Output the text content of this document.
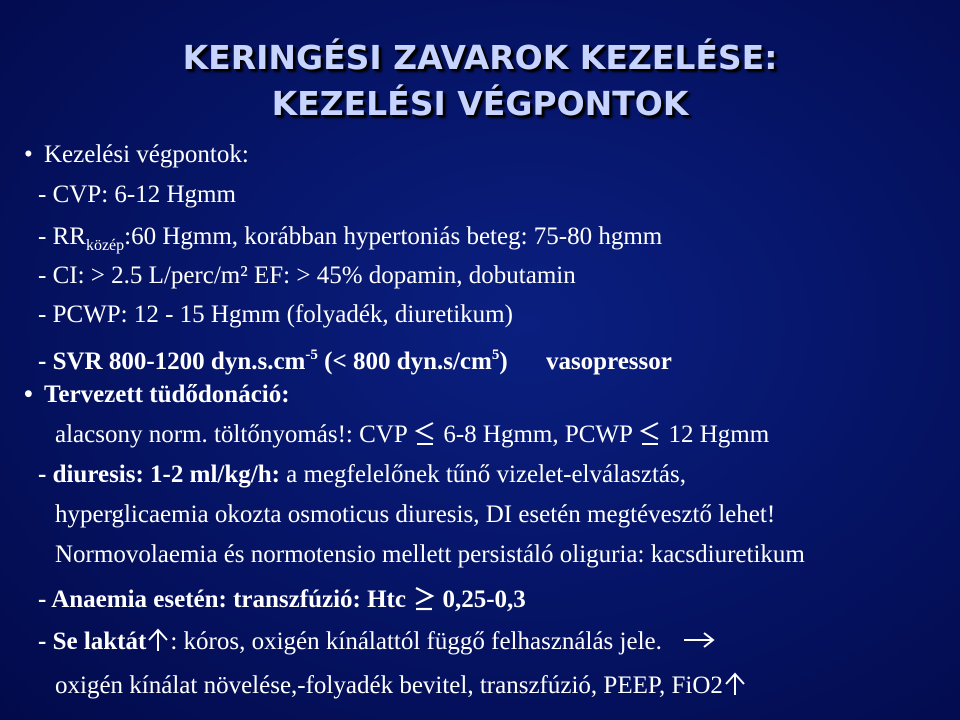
KERINGÉSI ZAVAROK KEZELÉSE:
KEZELÉSI VÉGPONTOK
• Kezelési végpontok:
- CVP: 6-12 Hgmm
- $RR_{közép}:60$ Hgmm, korábban hypertoniás beteg: 75-80 hgmm
- CI: > 2.5 L/perc/m² EF: > 45% dopamin, dobutamin
- PCWP: 12 - 15 Hgmm (folyadék, diuretikum)
- SVR 800-1200 $dyn.s.cm^{-5}$ (< 800 $dyn.s/cm^5$) vasopressor
• Tervezett tüdődonáció:
alacsony norm. töltőnyomás!: CVP 6-8 Hgmm, PCWP 12 Hgmm
- diuresis: 1-2 ml/kg/h: a megfelelőnek tűnő vizelet-elválasztás,
hyperglicaemia okozta osmoticus diuresis, DI esetén megtévesztő lehet!
Normovolaemia és normotensio mellett persistáló oliguria: kacsdiuretikum
- Anaemia esetén: transzfúzió: Htc 0,25-0,3
- Se laktát : kóros, oxigén kínálattól függő felhasználás jele.
oxigén kínálat növelése,-folyadék bevitel, transzfúzió, PEEP, FiO2
